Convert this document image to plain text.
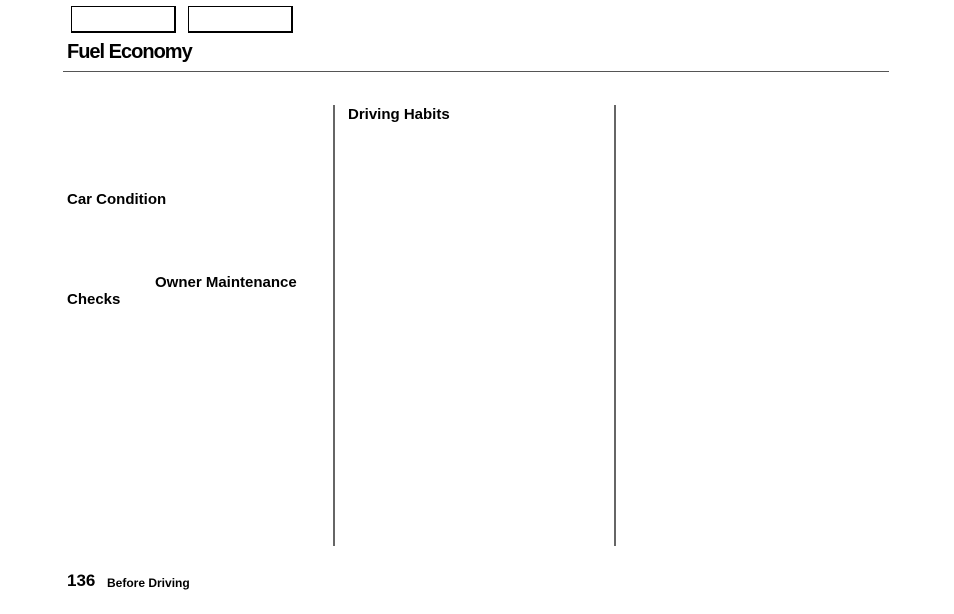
Fuel Economy
Driving Habits
Car Condition
Owner Maintenance
Checks
136 Before Driving
